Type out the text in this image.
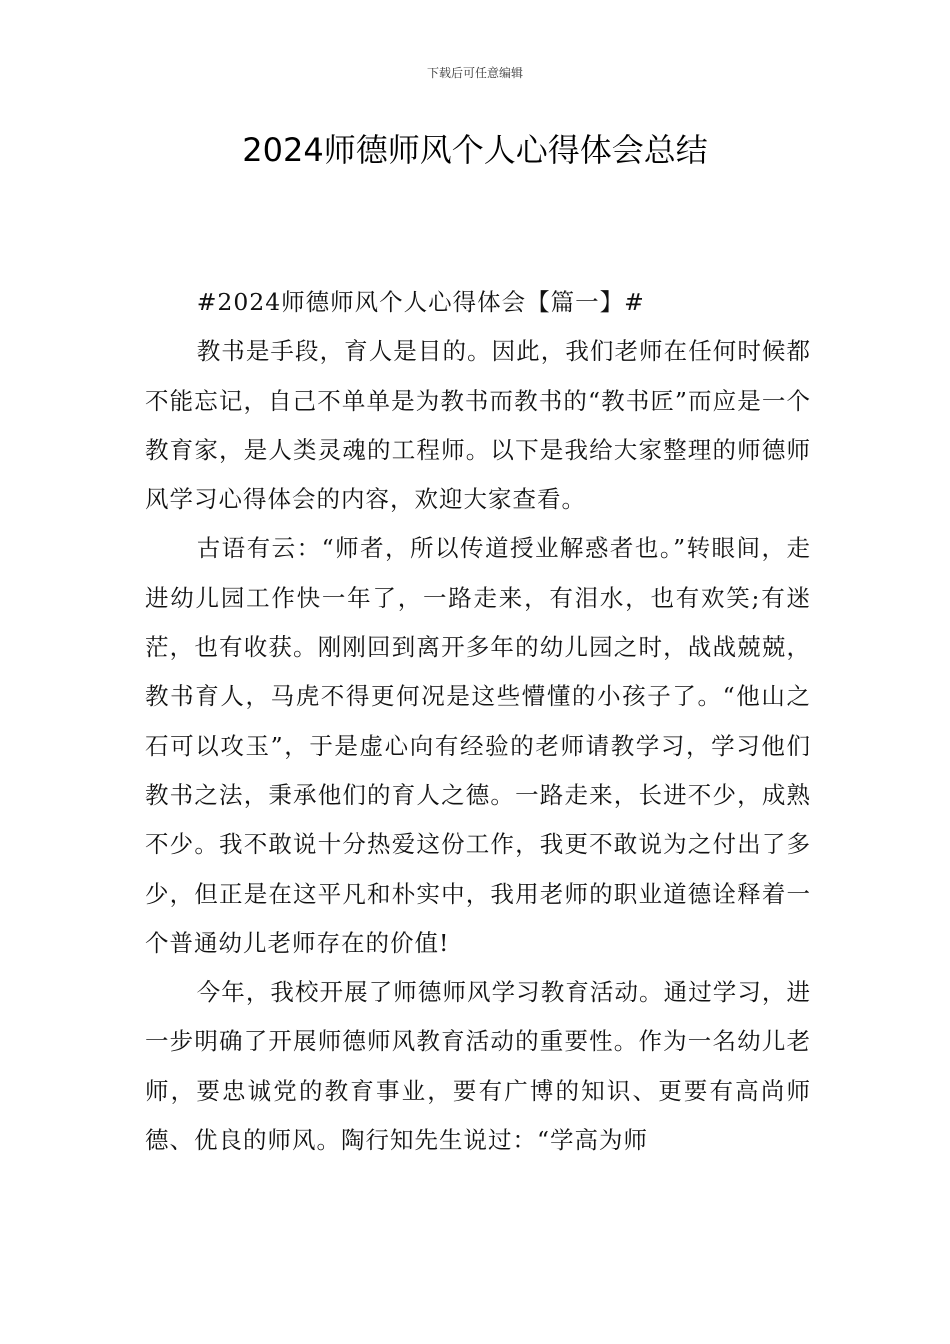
下载后可任意编辑
2024师德师风个人心得体会总结

#2024师德师风个人心得体会【篇一】#

教书是手段，育人是目的。因此，我们老师在任何时候都不能忘记，自己不单单是为教书而教书的“教书匠”而应是一个教育家，是人类灵魂的工程师。以下是我给大家整理的师德师风学习心得体会的内容，欢迎大家查看。

古语有云：“师者，所以传道授业解惑者也。”转眼间，走进幼儿园工作快一年了，一路走来，有泪水，也有欢笑;有迷茫，也有收获。刚刚回到离开多年的幼儿园之时，战战兢兢，教书育人，马虎不得更何况是这些懵懂的小孩子了。“他山之石可以攻玉”，于是虚心向有经验的老师请教学习，学习他们教书之法，秉承他们的育人之德。一路走来，长进不少，成熟不少。我不敢说十分热爱这份工作，我更不敢说为之付出了多少，但正是在这平凡和朴实中，我用老师的职业道德诠释着一个普通幼儿老师存在的价值!

今年，我校开展了师德师风学习教育活动。通过学习，进一步明确了开展师德师风教育活动的重要性。作为一名幼儿老师，要忠诚党的教育事业，要有广博的知识、更要有高尚师德、优良的师风。陶行知先生说过：“学高为师
